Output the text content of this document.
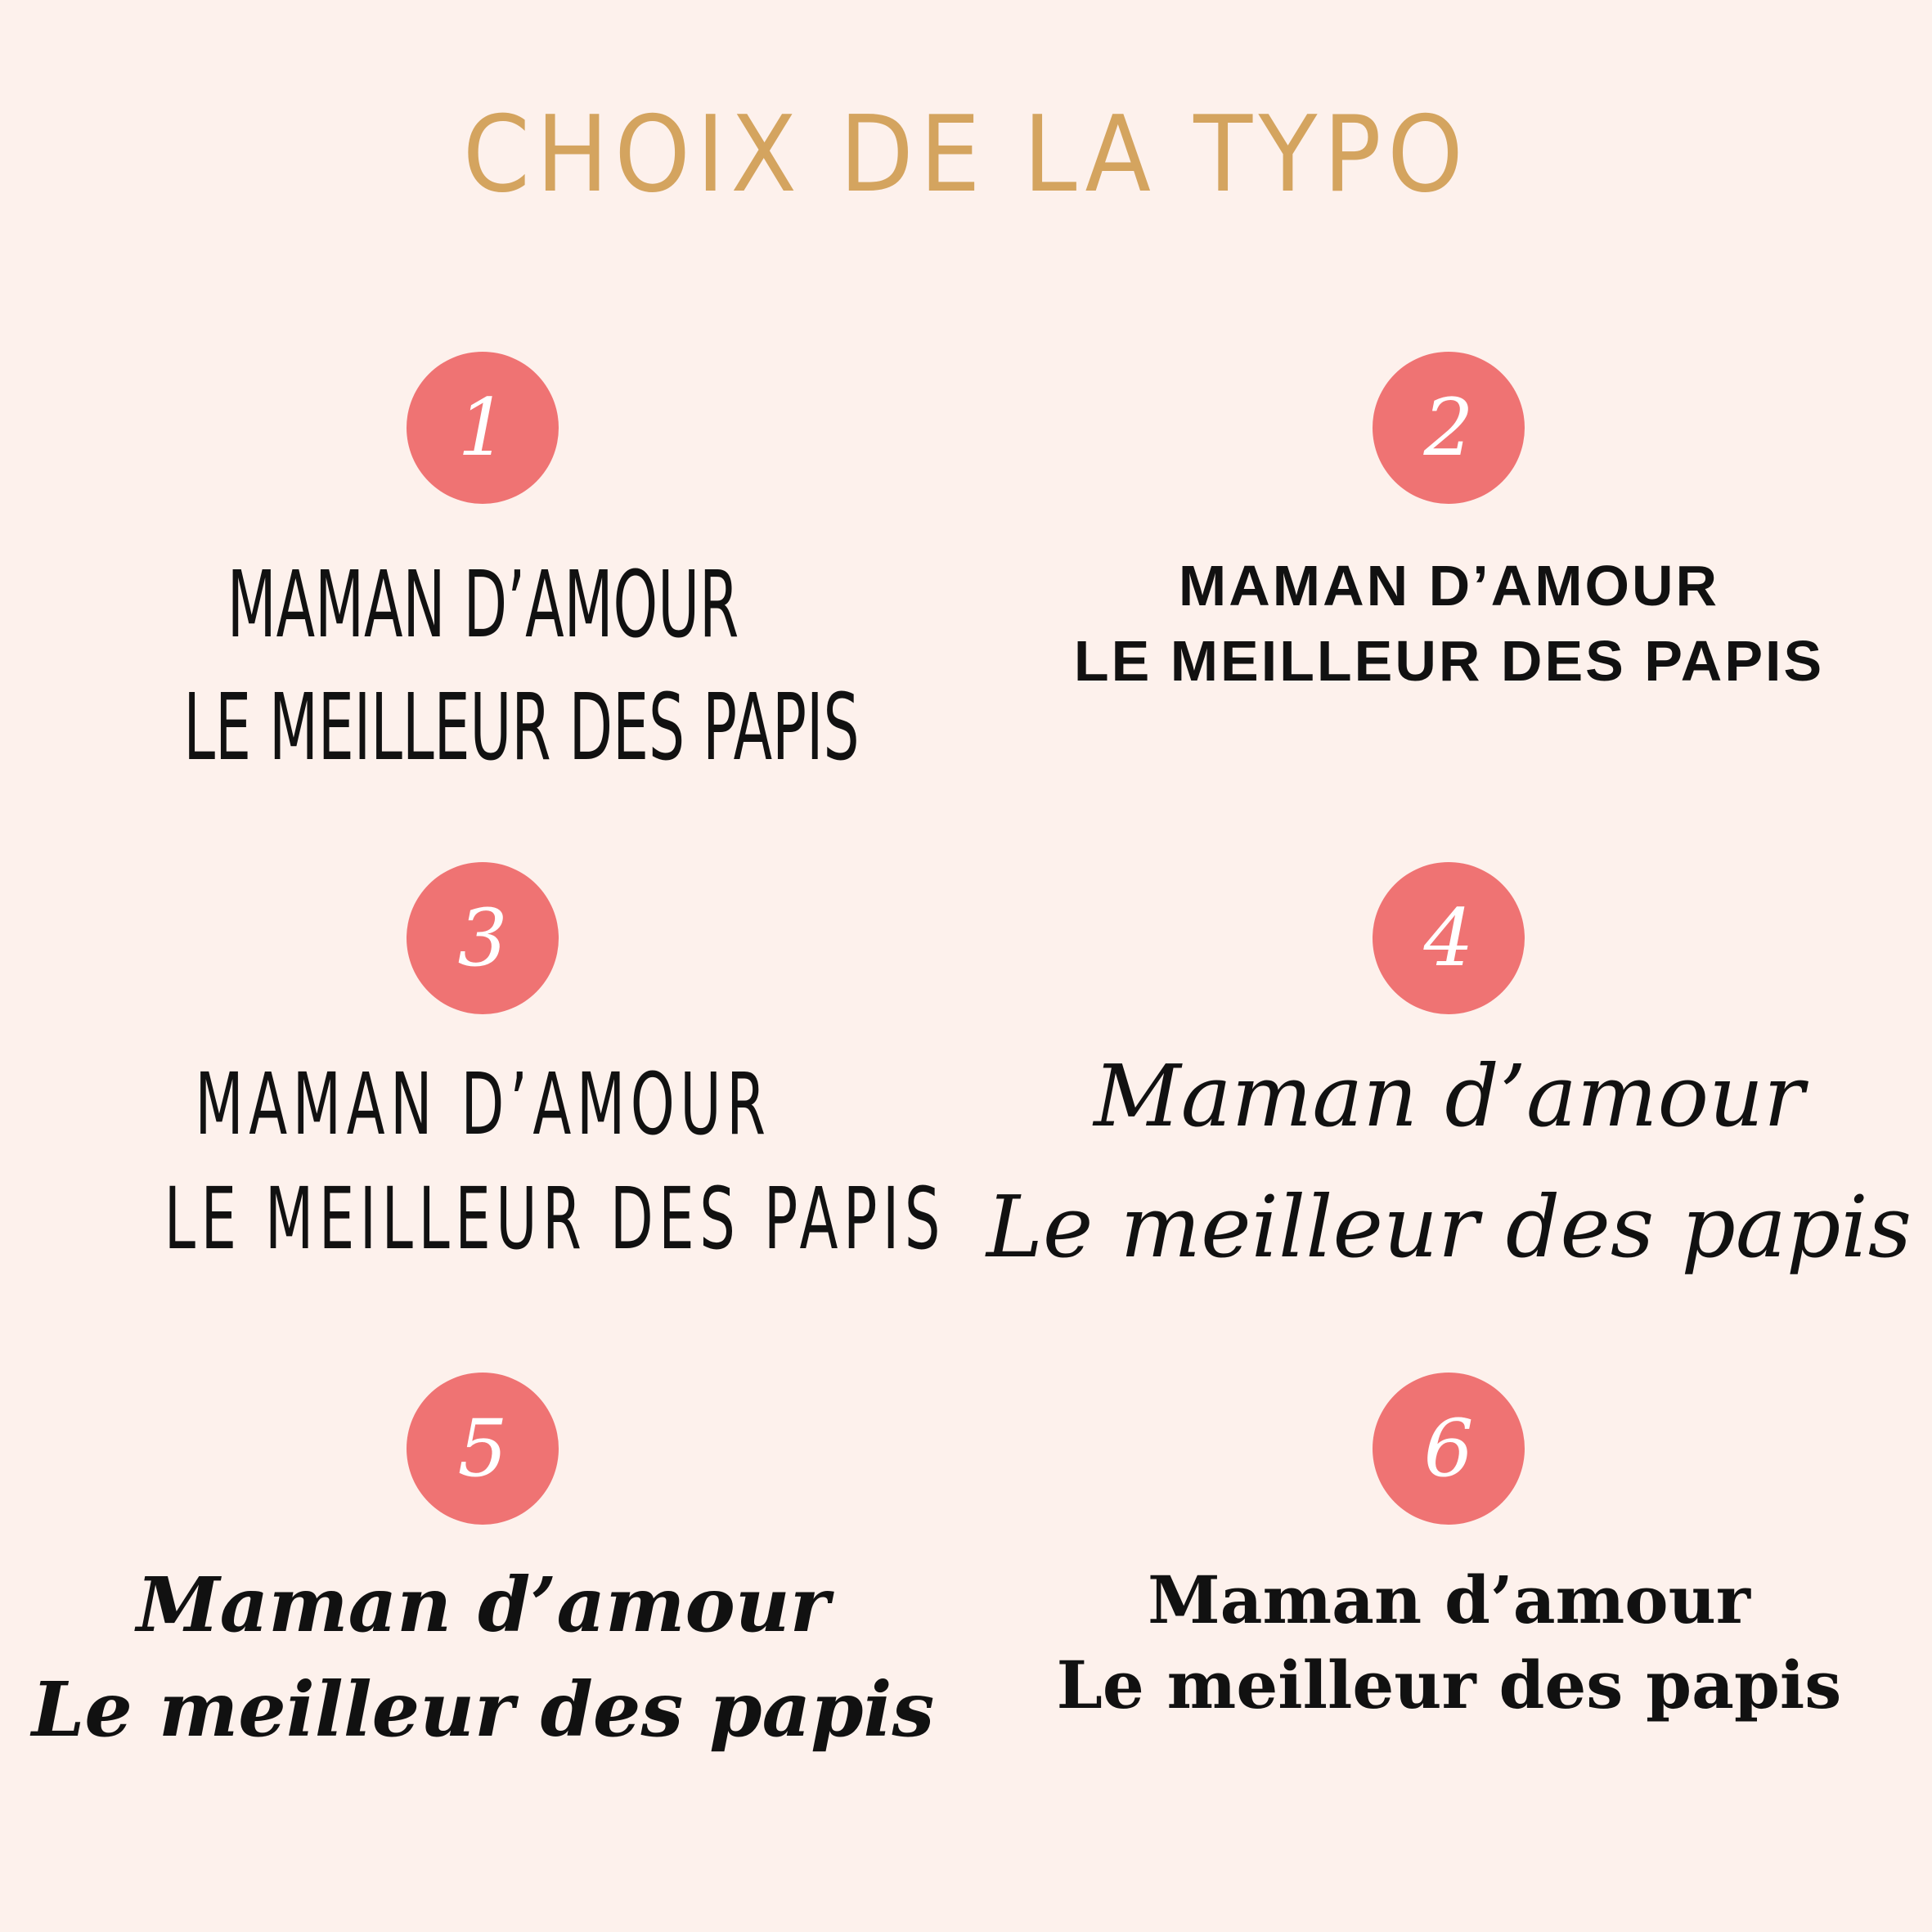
CHOIX DE LA TYPO
1
MAMAN D’AMOUR
LE MEILLEUR DES PAPIS
2
MAMAN D’AMOUR
LE MEILLEUR DES PAPIS
3
MAMAN D’AMOUR
LE MEILLEUR DES PAPIS
4
Maman d’amour
Le meilleur des papis
5
Maman d’amour
Le meilleur des papis
6
Maman d’amour
Le meilleur des papis
